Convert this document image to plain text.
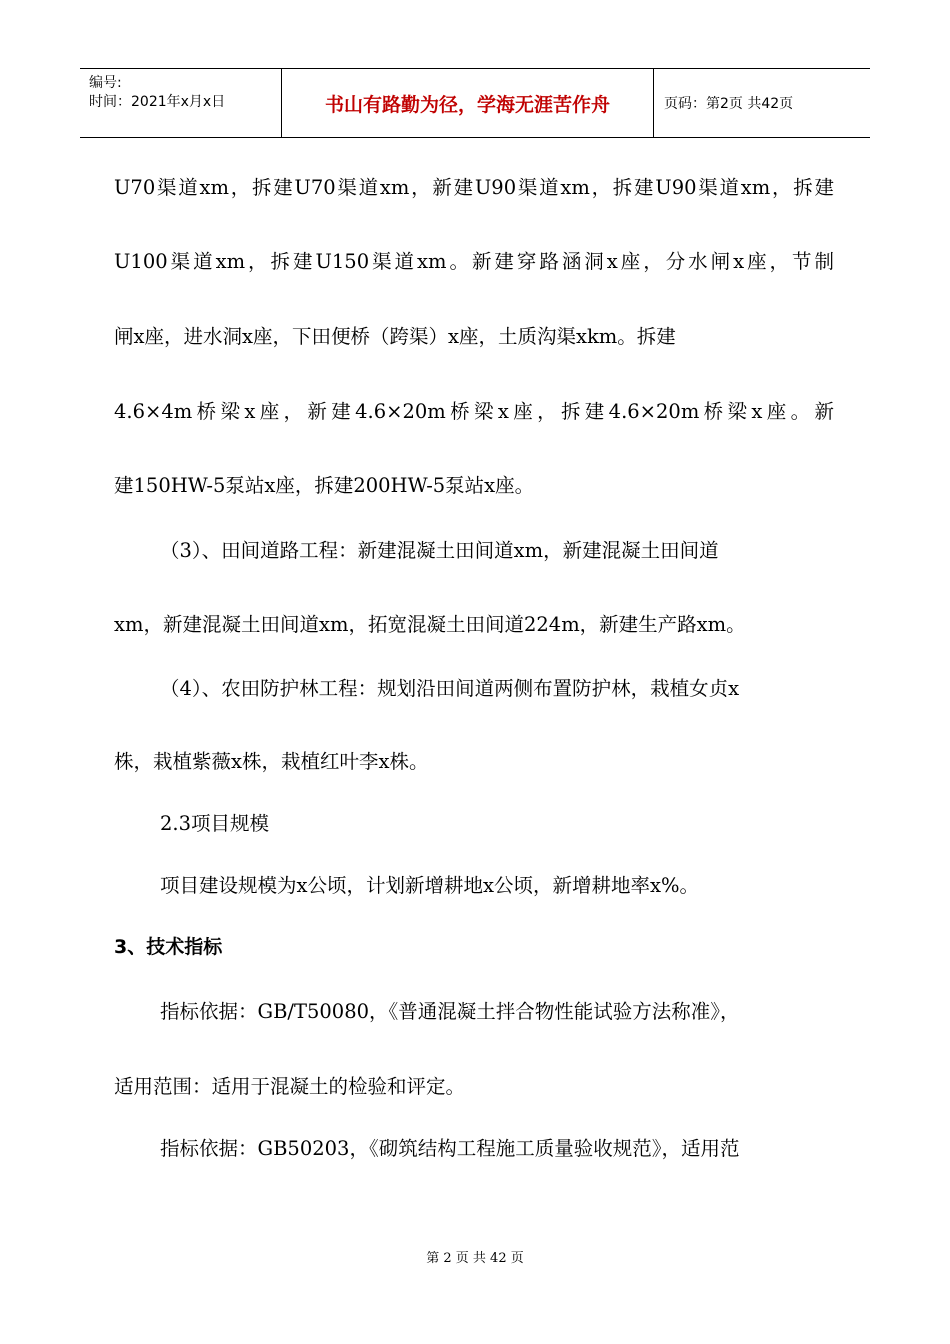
编号:
时间：2021年x月x日	书山有路勤为径，学海无涯苦作舟	页码：第2页 共42页
U70渠道xm，拆建U70渠道xm，新建U90渠道xm，拆建U90渠道xm，拆建
U100渠道xm，拆建U150渠道xm。新建穿路涵洞x座，分水闸x座，节制
闸x座，进水洞x座，下田便桥（跨渠）x座，土质沟渠xkm。拆建
4.6×4m桥梁x座，新建4.6×20m桥梁x座，拆建4.6×20m桥梁x座。新
建150HW-5泵站x座，拆建200HW-5泵站x座。
（3）、田间道路工程：新建混凝土田间道xm，新建混凝土田间道
xm，新建混凝土田间道xm，拓宽混凝土田间道224m，新建生产路xm。
（4）、农田防护林工程：规划沿田间道两侧布置防护林，栽植女贞x
株，栽植紫薇x株，栽植红叶李x株。
2.3项目规模
项目建设规模为x公顷，计划新增耕地x公顷，新增耕地率x%。
3、技术指标
指标依据：GB/T50080，《普通混凝土拌合物性能试验方法称准》，
适用范围：适用于混凝土的检验和评定。
指标依据：GB50203，《砌筑结构工程施工质量验收规范》，适用范
第 2 页 共 42 页
